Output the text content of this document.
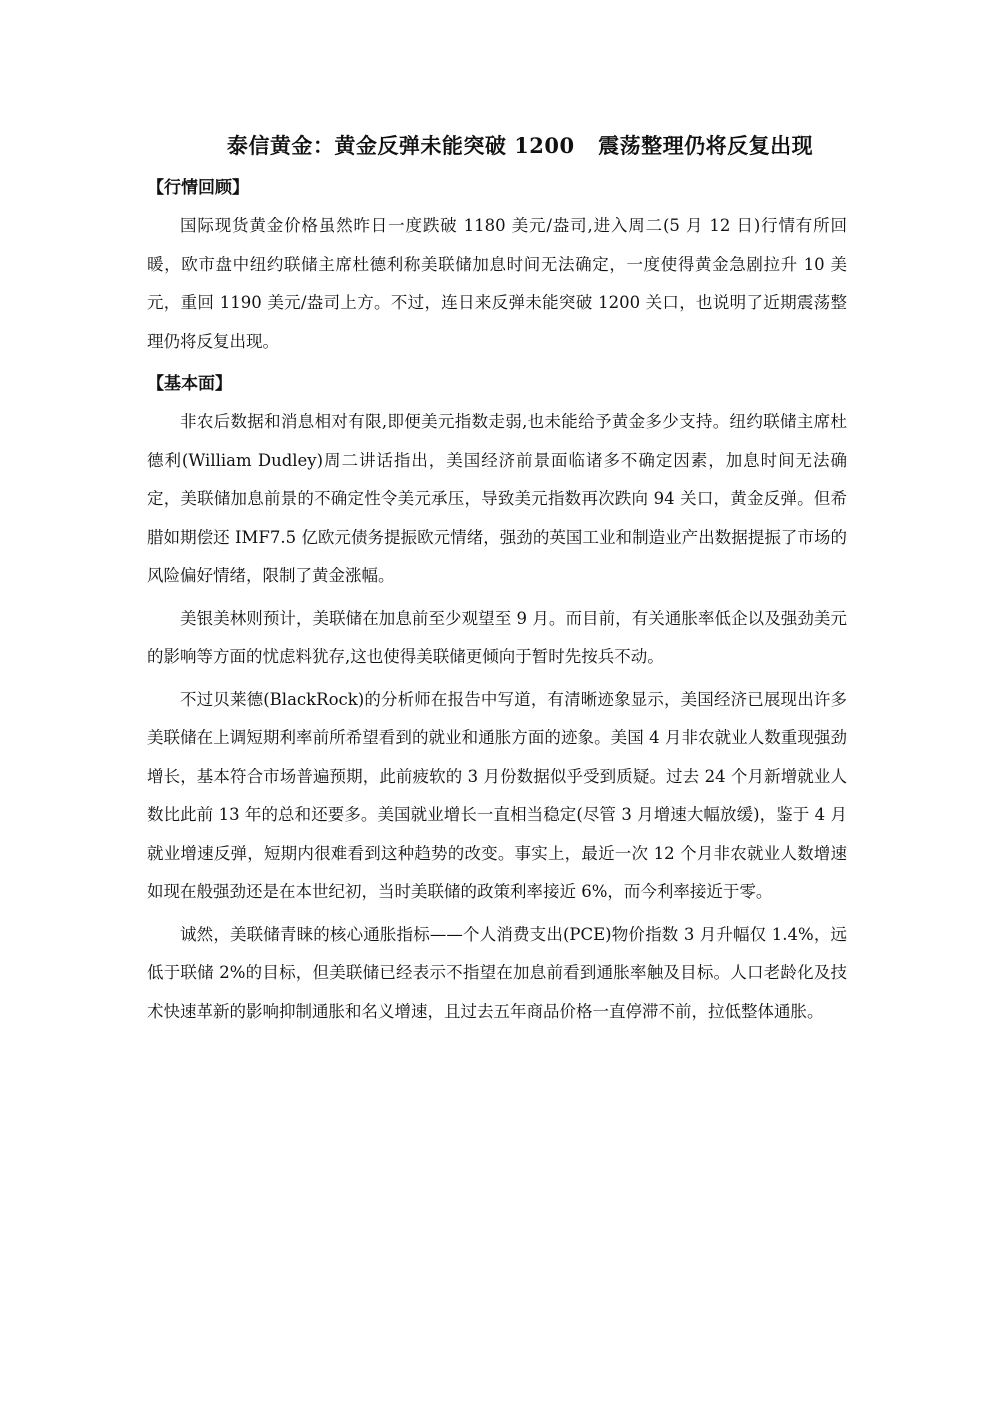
泰信黄金：黄金反弹未能突破 1200   震荡整理仍将反复出现
【行情回顾】

国际现货黄金价格虽然昨日一度跌破 1180 美元/盎司,进入周二(5 月 12 日)行情有所回暖，欧市盘中纽约联储主席杜德利称美联储加息时间无法确定，一度使得黄金急剧拉升 10 美元，重回 1190 美元/盎司上方。不过，连日来反弹未能突破 1200 关口，也说明了近期震荡整理仍将反复出现。

【基本面】

非农后数据和消息相对有限,即便美元指数走弱,也未能给予黄金多少支持。纽约联储主席杜德利(William Dudley)周二讲话指出，美国经济前景面临诸多不确定因素，加息时间无法确定，美联储加息前景的不确定性令美元承压，导致美元指数再次跌向 94 关口，黄金反弹。但希腊如期偿还 IMF7.5 亿欧元债务提振欧元情绪，强劲的英国工业和制造业产出数据提振了市场的风险偏好情绪，限制了黄金涨幅。

美银美林则预计，美联储在加息前至少观望至 9 月。而目前，有关通胀率低企以及强劲美元的影响等方面的忧虑料犹存,这也使得美联储更倾向于暂时先按兵不动。

不过贝莱德(BlackRock)的分析师在报告中写道，有清晰迹象显示，美国经济已展现出许多美联储在上调短期利率前所希望看到的就业和通胀方面的迹象。美国 4 月非农就业人数重现强劲增长，基本符合市场普遍预期，此前疲软的 3 月份数据似乎受到质疑。过去 24 个月新增就业人数比此前 13 年的总和还要多。美国就业增长一直相当稳定(尽管 3 月增速大幅放缓)，鉴于 4 月就业增速反弹，短期内很难看到这种趋势的改变。事实上，最近一次 12 个月非农就业人数增速如现在般强劲还是在本世纪初，当时美联储的政策利率接近 6%，而今利率接近于零。

诚然，美联储青睐的核心通胀指标——个人消费支出(PCE)物价指数 3 月升幅仅 1.4%，远低于联储 2%的目标，但美联储已经表示不指望在加息前看到通胀率触及目标。人口老龄化及技术快速革新的影响抑制通胀和名义增速，且过去五年商品价格一直停滞不前，拉低整体通胀。
